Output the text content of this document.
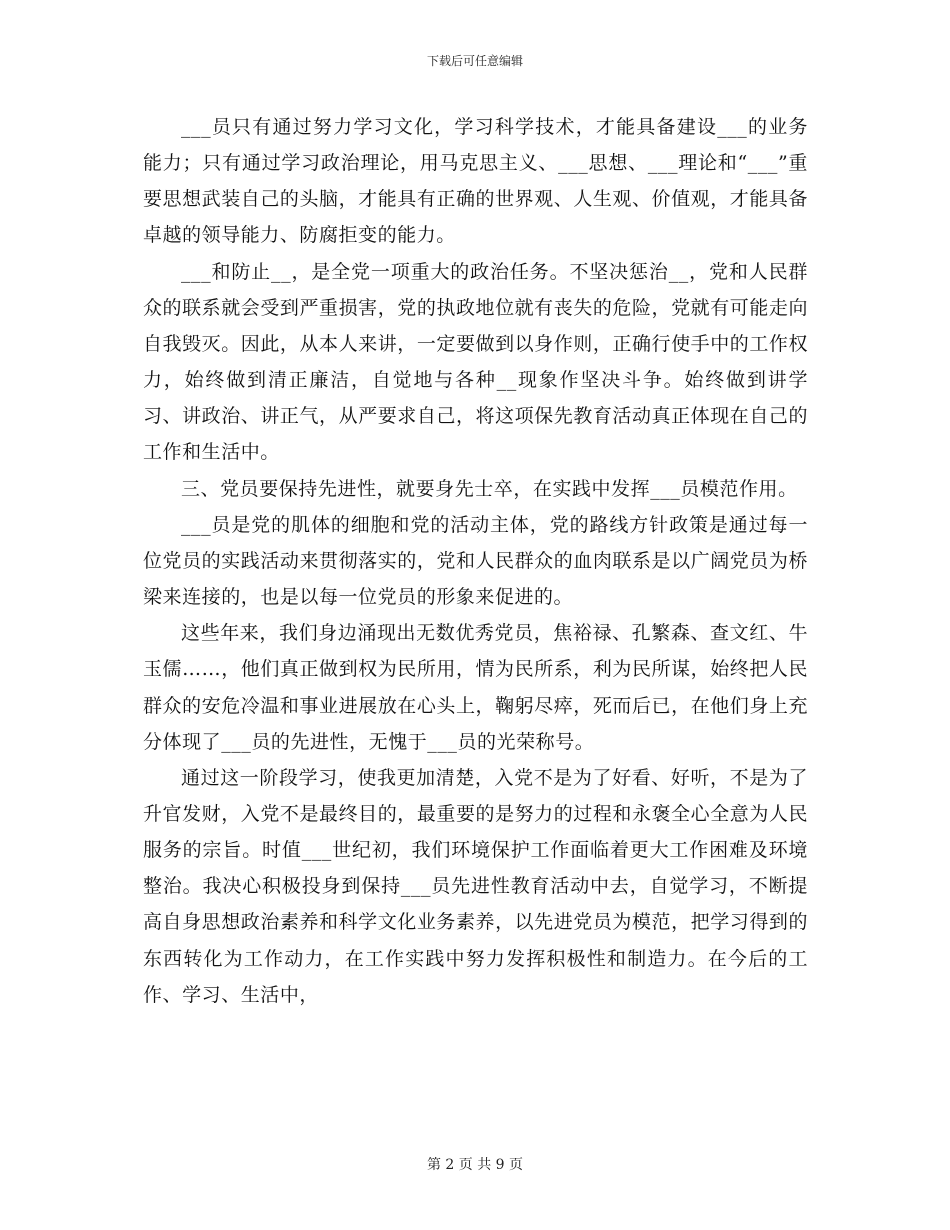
下载后可任意编辑

___员只有通过努力学习文化，学习科学技术，才能具备建设___的业务能力；只有通过学习政治理论，用马克思主义、___思想、___理论和“___”重要思想武装自己的头脑，才能具有正确的世界观、人生观、价值观，才能具备卓越的领导能力、防腐拒变的能力。

___和防止__，是全党一项重大的政治任务。不坚决惩治__，党和人民群众的联系就会受到严重损害，党的执政地位就有丧失的危险，党就有可能走向自我毁灭。因此，从本人来讲，一定要做到以身作则，正确行使手中的工作权力，始终做到清正廉洁，自觉地与各种__现象作坚决斗争。始终做到讲学习、讲政治、讲正气，从严要求自己，将这项保先教育活动真正体现在自己的工作和生活中。

三、党员要保持先进性，就要身先士卒，在实践中发挥___员模范作用。

___员是党的肌体的细胞和党的活动主体，党的路线方针政策是通过每一位党员的实践活动来贯彻落实的，党和人民群众的血肉联系是以广阔党员为桥梁来连接的，也是以每一位党员的形象来促进的。

这些年来，我们身边涌现出无数优秀党员，焦裕禄、孔繁森、查文红、牛玉儒……，他们真正做到权为民所用，情为民所系，利为民所谋，始终把人民群众的安危冷温和事业进展放在心头上，鞠躬尽瘁，死而后已，在他们身上充分体现了___员的先进性，无愧于___员的光荣称号。

通过这一阶段学习，使我更加清楚，入党不是为了好看、好听，不是为了升官发财，入党不是最终目的，最重要的是努力的过程和永褒全心全意为人民服务的宗旨。时值___世纪初，我们环境保护工作面临着更大工作困难及环境整治。我决心积极投身到保持___员先进性教育活动中去，自觉学习，不断提高自身思想政治素养和科学文化业务素养，以先进党员为模范，把学习得到的东西转化为工作动力，在工作实践中努力发挥积极性和制造力。在今后的工作、学习、生活中，

第 2 页 共 9 页
